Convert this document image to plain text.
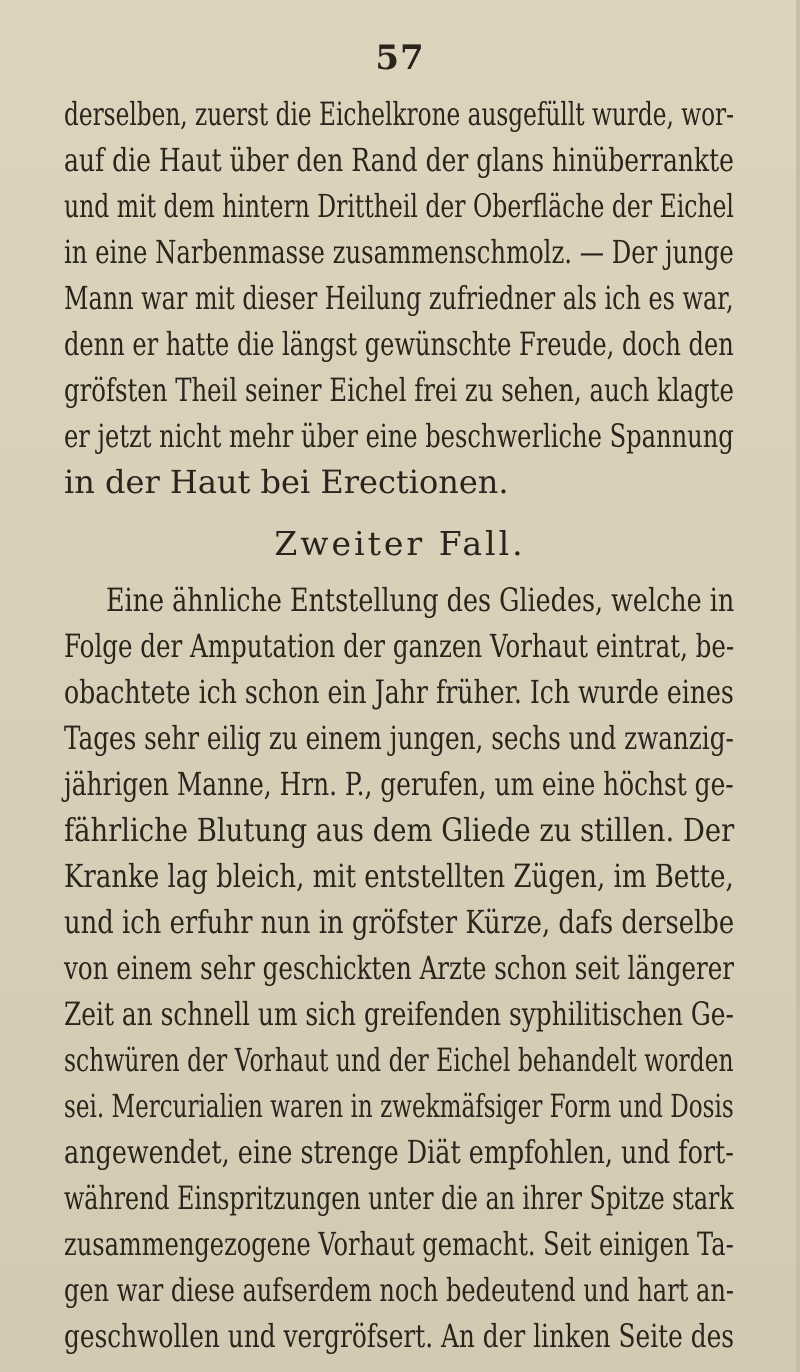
57
derselben, zuerst die Eichelkrone ausgefüllt wurde, wor-
auf die Haut über den Rand der glans hinüberrankte
und mit dem hintern Drittheil der Oberfläche der Eichel
in eine Narbenmasse zusammenschmolz. — Der junge
Mann war mit dieser Heilung zufriedner als ich es war,
denn er hatte die längst gewünschte Freude, doch den
gröfsten Theil seiner Eichel frei zu sehen, auch klagte
er jetzt nicht mehr über eine beschwerliche Spannung
in der Haut bei Erectionen.
Zweiter Fall.
Eine ähnliche Entstellung des Gliedes, welche in
Folge der Amputation der ganzen Vorhaut eintrat, be-
obachtete ich schon ein Jahr früher. Ich wurde eines
Tages sehr eilig zu einem jungen, sechs und zwanzig-
jährigen Manne, Hrn. P., gerufen, um eine höchst ge-
fährliche Blutung aus dem Gliede zu stillen. Der
Kranke lag bleich, mit entstellten Zügen, im Bette,
und ich erfuhr nun in gröfster Kürze, dafs derselbe
von einem sehr geschickten Arzte schon seit längerer
Zeit an schnell um sich greifenden syphilitischen Ge-
schwüren der Vorhaut und der Eichel behandelt worden
sei. Mercurialien waren in zwekmäfsiger Form und Dosis
angewendet, eine strenge Diät empfohlen, und fort-
während Einspritzungen unter die an ihrer Spitze stark
zusammengezogene Vorhaut gemacht. Seit einigen Ta-
gen war diese aufserdem noch bedeutend und hart an-
geschwollen und vergröfsert. An der linken Seite des
